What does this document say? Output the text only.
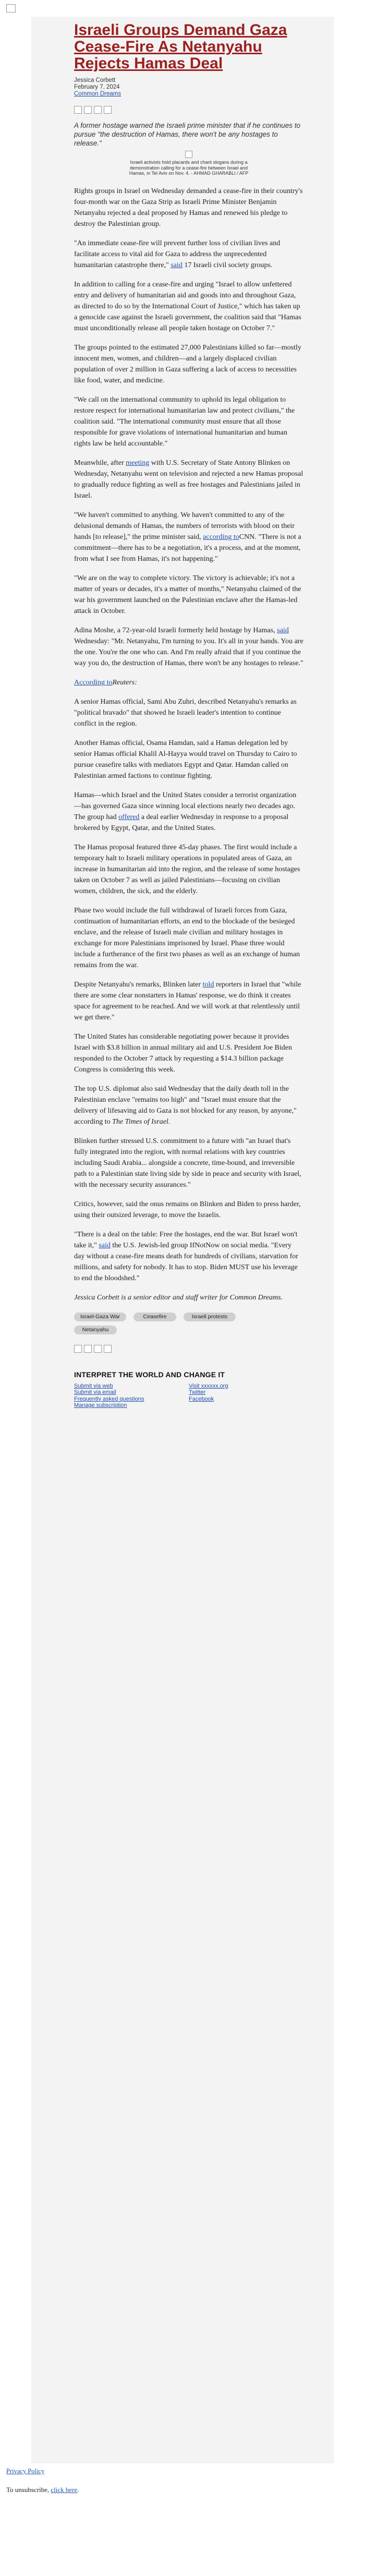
Israeli Groups Demand Gaza Cease-Fire As Netanyahu Rejects Hamas Deal
Jessica Corbett
February 7, 2024
Common Dreams
A former hostage warned the Israeli prime minister that if he continues to pursue "the destruction of Hamas, there won't be any hostages to release."
Israeli activists hold placards and chant slogans during a demonstration calling for a cease-fire between Israel and Hamas, in Tel Aviv on Nov. 4. - AHMAD GHARABLI / AFP

Rights groups in Israel on Wednesday demanded a cease-fire in their country's four-month war on the Gaza Strip as Israeli Prime Minister Benjamin Netanyahu rejected a deal proposed by Hamas and renewed his pledge to destroy the Palestinian group.

"An immediate cease-fire will prevent further loss of civilian lives and facilitate access to vital aid for Gaza to address the unprecedented humanitarian catastrophe there," said 17 Israeli civil society groups.

In addition to calling for a cease-fire and urging "Israel to allow unfettered entry and delivery of humanitarian aid and goods into and throughout Gaza, as directed to do so by the International Court of Justice," which has taken up a genocide case against the Israeli government, the coalition said that "Hamas must unconditionally release all people taken hostage on October 7."

The groups pointed to the estimated 27,000 Palestinians killed so far—mostly innocent men, women, and children—and a largely displaced civilian population of over 2 million in Gaza suffering a lack of access to necessities like food, water, and medicine.

"We call on the international community to uphold its legal obligation to restore respect for international humanitarian law and protect civilians," the coalition said. "The international community must ensure that all those responsible for grave violations of international humanitarian and human rights law be held accountable."

Meanwhile, after meeting with U.S. Secretary of State Antony Blinken on Wednesday, Netanyahu went on television and rejected a new Hamas proposal to gradually reduce fighting as well as free hostages and Palestinians jailed in Israel.

"We haven't committed to anything. We haven't committed to any of the delusional demands of Hamas, the numbers of terrorists with blood on their hands [to release]," the prime minister said, according toCNN. "There is not a commitment—there has to be a negotiation, it's a process, and at the moment, from what I see from Hamas, it's not happening."

"We are on the way to complete victory. The victory is achievable; it's not a matter of years or decades, it's a matter of months," Netanyahu claimed of the war his government launched on the Palestinian enclave after the Hamas-led attack in October.

Adina Moshe, a 72-year-old Israeli formerly held hostage by Hamas, said Wednesday: "Mr. Netanyahu, I'm turning to you. It's all in your hands. You are the one. You're the one who can. And I'm really afraid that if you continue the way you do, the destruction of Hamas, there won't be any hostages to release."

According toReuters:

A senior Hamas official, Sami Abu Zuhri, described Netanyahu's remarks as "political bravado" that showed he Israeli leader's intention to continue conflict in the region.

Another Hamas official, Osama Hamdan, said a Hamas delegation led by senior Hamas official Khalil Al-Hayya would travel on Thursday to Cairo to pursue ceasefire talks with mediators Egypt and Qatar. Hamdan called on Palestinian armed factions to continue fighting.

Hamas—which Israel and the United States consider a terrorist organization—has governed Gaza since winning local elections nearly two decades ago. The group had offered a deal earlier Wednesday in response to a proposal brokered by Egypt, Qatar, and the United States.

The Hamas proposal featured three 45-day phases. The first would include a temporary halt to Israeli military operations in populated areas of Gaza, an increase in humanitarian aid into the region, and the release of some hostages taken on October 7 as well as jailed Palestinians—focusing on civilian women, children, the sick, and the elderly.

Phase two would include the full withdrawal of Israeli forces from Gaza, continuation of humanitarian efforts, an end to the blockade of the besieged enclave, and the release of Israeli male civilian and military hostages in exchange for more Palestinians imprisoned by Israel. Phase three would include a furtherance of the first two phases as well as an exchange of human remains from the war.

Despite Netanyahu's remarks, Blinken later told reporters in Israel that "while there are some clear nonstarters in Hamas' response, we do think it creates space for agreement to be reached. And we will work at that relentlessly until we get there."

The United States has considerable negotiating power because it provides Israel with $3.8 billion in annual military aid and U.S. President Joe Biden responded to the October 7 attack by requesting a $14.3 billion package Congress is considering this week.

The top U.S. diplomat also said Wednesday that the daily death toll in the Palestinian enclave "remains too high" and "Israel must ensure that the delivery of lifesaving aid to Gaza is not blocked for any reason, by anyone," according to The Times of Israel.

Blinken further stressed U.S. commitment to a future with "an Israel that's fully integrated into the region, with normal relations with key countries including Saudi Arabia... alongside a concrete, time-bound, and irreversible path to a Palestinian state living side by side in peace and security with Israel, with the necessary security assurances."

Critics, however, said the onus remains on Blinken and Biden to press harder, using their outsized leverage, to move the Israelis.

"There is a deal on the table: Free the hostages, end the war. But Israel won't take it," said the U.S. Jewish-led group IfNotNow on social media. "Every day without a cease-fire means death for hundreds of civilians, starvation for millions, and safety for nobody. It has to stop. Biden MUST use his leverage to end the bloodshed."

Jessica Corbett is a senior editor and staff writer for Common Dreams.

Israel-Gaza War	Ceasefire	Israeli protests
Netanyahu
INTERPRET THE WORLD AND CHANGE IT
Submit via web
Submit via email
Frequently asked questions
Manage subscription
Visit xxxxxx.org
Twitter
Facebook
Privacy Policy
To unsubscribe, click here.
